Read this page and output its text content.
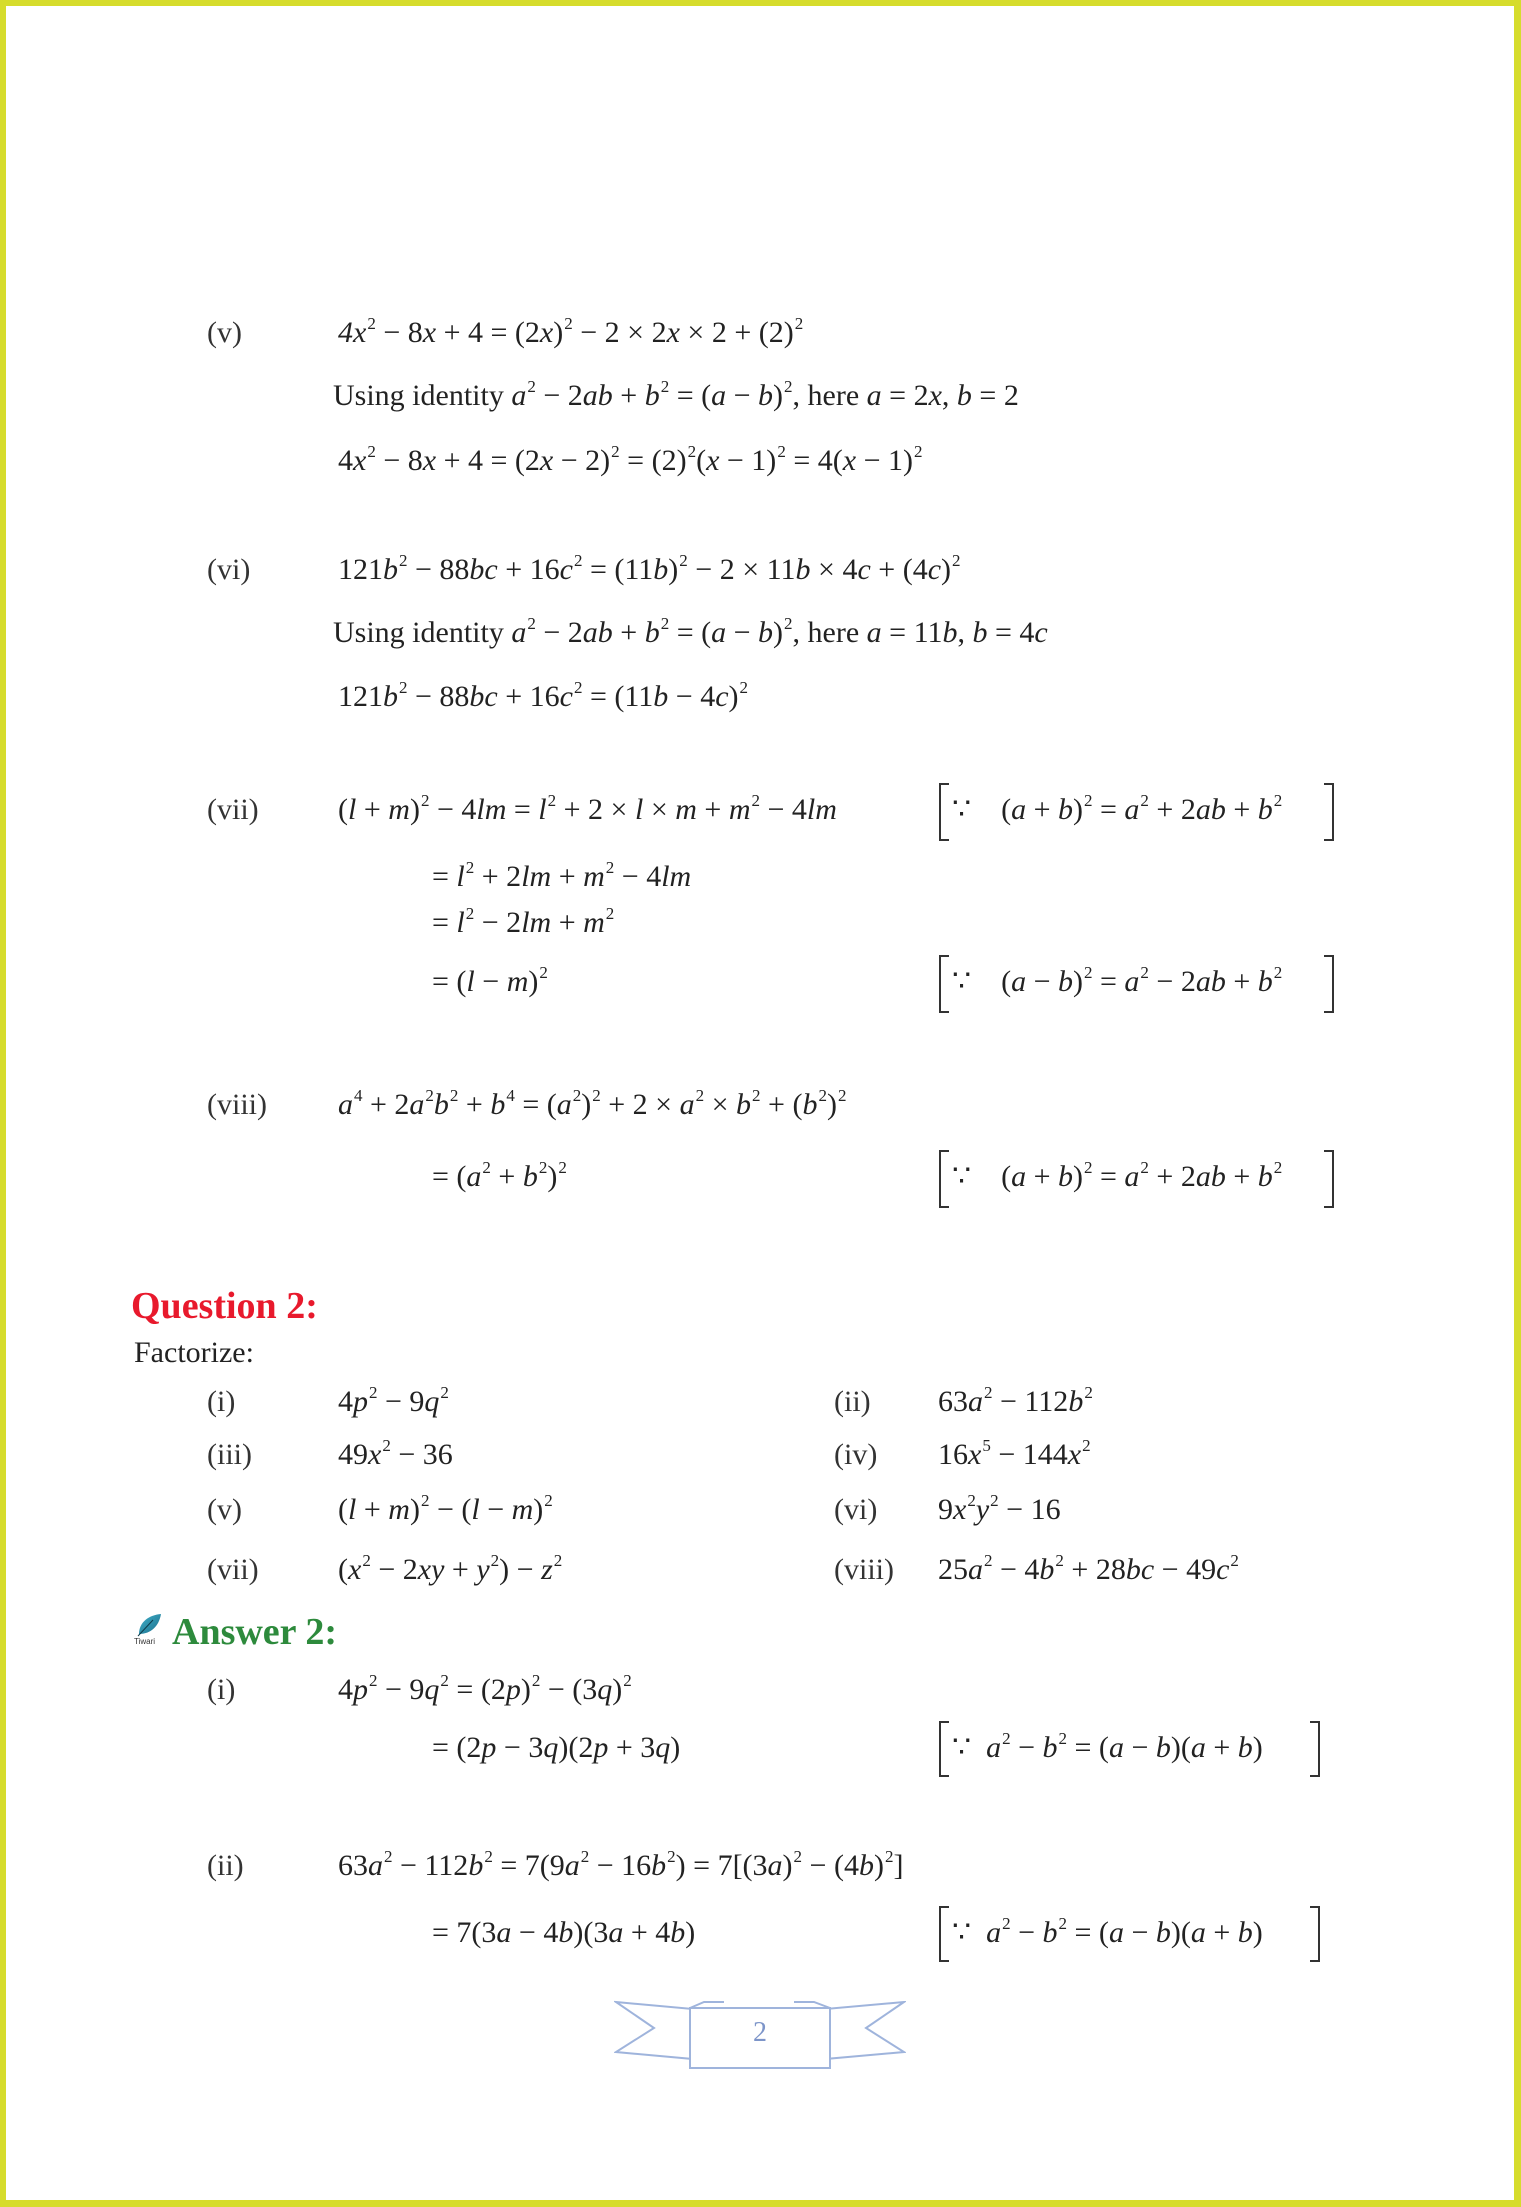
(v)	$4x^2 - 8x + 4 = (2x)^2 - 2 \times 2x \times 2 + (2)^2$
Using identity $a^2 - 2ab + b^2 = (a - b)^2$, here a = 2x, b = 2
$4x^2 - 8x + 4 = (2x - 2)^2 = (2)^2(x - 1)^2 = 4(x - 1)^2$
(vi)	$121b^2 - 88bc + 16c^2 = (11b)^2 - 2 \times 11b \times 4c + (4c)^2$
Using identity $a^2 - 2ab + b^2 = (a - b)^2$, here a = 11b, b = 4c
$121b^2 - 88bc + 16c^2 = (11b - 4c)^2$
(vii)	$(l + m)^2 - 4lm = l^2 + 2 \times l \times m + m^2 - 4lm$
= $l^2 + 2lm + m^2 - 4lm$
= $l^2 - 2lm + m^2$
= $(l - m)^2$
∵    $(a + b)^2 = a^2 + 2ab + b^2$
∵    $(a - b)^2 = a^2 - 2ab + b^2$
(viii) $a^4 + 2a^2b^2 + b^4 = (a^2)^2 + 2 \times a^2 \times b^2 + (b^2)^2$
= $(a^2 + b^2)^2$	∵    $(a + b)^2 = a^2 + 2ab + b^2$
Question 2:
Factorize:
(i)	$4p^2 - 9q^2$	(ii) $63a^2 - 112b^2$
(iii)	$49x^2 - 36$	(iv) $16x^5 - 144x^2$
(v)	$(l + m)^2 - (l - m)^2$	(vi) $9x^2y^2 - 16$
(vii)	$(x^2 - 2xy + y^2) - z^2$	(viii) $25a^2 - 4b^2 + 28bc - 49c^2$
Tiwari Answer 2:
(i)	$4p^2 - 9q^2 = (2p)^2 - (3q)^2$
= (2p − 3q)(2p + 3q)	∵  $a^2 - b^2 = (a - b)(a + b)$
(ii)	$63a^2 - 112b^2 = 7(9a^2 - 16b^2) = 7[(3a)^2 - (4b)^2]$
= 7(3a − 4b)(3a + 4b)	∵  $a^2 - b^2 = (a - b)(a + b)$
2
